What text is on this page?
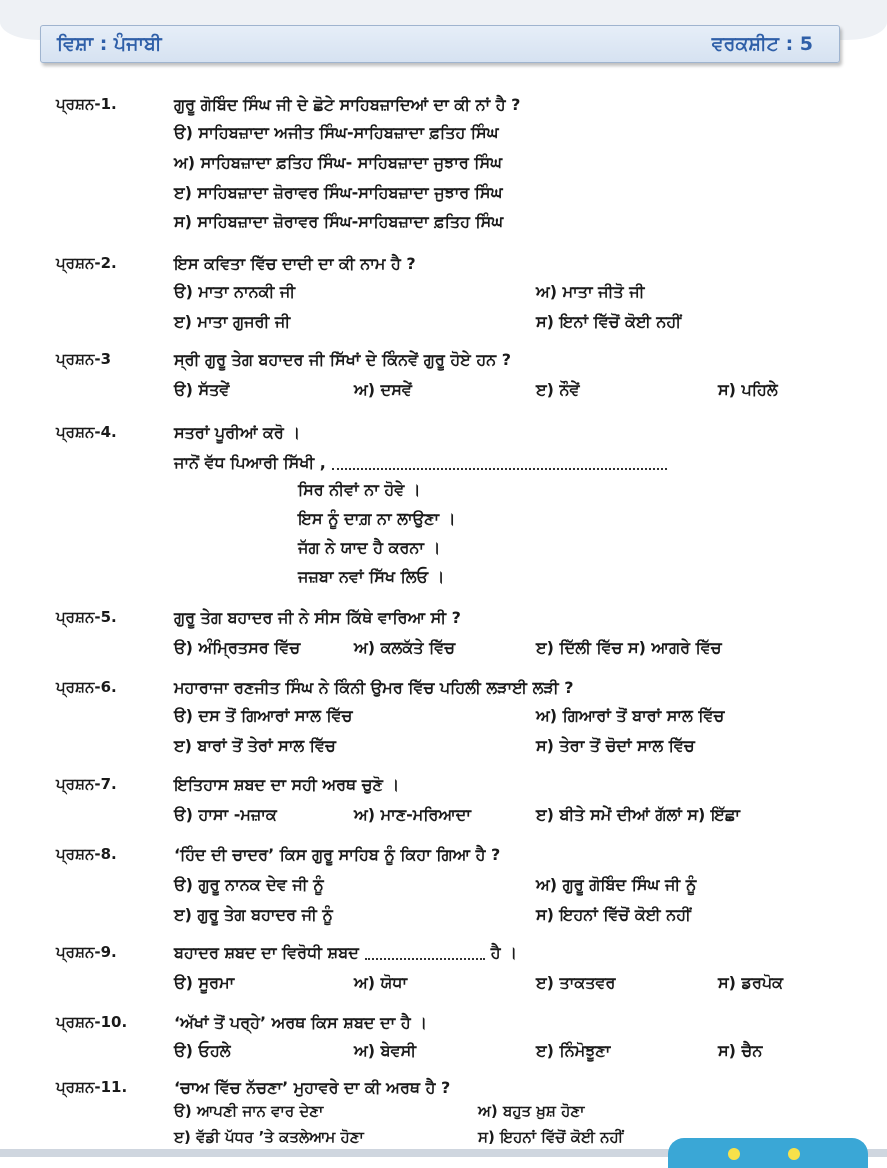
ਵਿਸ਼ਾ : ਪੰਜਾਬੀ	ਵਰਕਸ਼ੀਟ : 5
ਪ੍ਰਸ਼ਨ-1.	ਗੁਰੂ ਗੋਬਿੰਦ ਸਿੰਘ ਜੀ ਦੇ ਛੋਟੇ ਸਾਹਿਬਜ਼ਾਦਿਆਂ ਦਾ ਕੀ ਨਾਂ ਹੈ ?
ੳ) ਸਾਹਿਬਜ਼ਾਦਾ ਅਜੀਤ ਸਿੰਘ-ਸਾਹਿਬਜ਼ਾਦਾ ਫ਼ਤਿਹ ਸਿੰਘ
ਅ) ਸਾਹਿਬਜ਼ਾਦਾ ਫ਼ਤਿਹ ਸਿੰਘ- ਸਾਹਿਬਜ਼ਾਦਾ ਜੁਝਾਰ ਸਿੰਘ
ੲ) ਸਾਹਿਬਜ਼ਾਦਾ ਜ਼ੋਰਾਵਰ ਸਿੰਘ-ਸਾਹਿਬਜ਼ਾਦਾ ਜੁਝਾਰ ਸਿੰਘ
ਸ) ਸਾਹਿਬਜ਼ਾਦਾ ਜ਼ੋਰਾਵਰ ਸਿੰਘ-ਸਾਹਿਬਜ਼ਾਦਾ ਫ਼ਤਿਹ ਸਿੰਘ
ਪ੍ਰਸ਼ਨ-2.	ਇਸ ਕਵਿਤਾ ਵਿੱਚ ਦਾਦੀ ਦਾ ਕੀ ਨਾਮ ਹੈ ?
ੳ) ਮਾਤਾ ਨਾਨਕੀ ਜੀ	ਅ) ਮਾਤਾ ਜੀਤੋ ਜੀ
ੲ) ਮਾਤਾ ਗੁਜਰੀ ਜੀ	ਸ) ਇਨਾਂ ਵਿੱਚੋਂ ਕੋਈ ਨਹੀਂ
ਪ੍ਰਸ਼ਨ-3	ਸ੍ਰੀ ਗੁਰੂ ਤੇਗ ਬਹਾਦਰ ਜੀ ਸਿੱਖਾਂ ਦੇ ਕਿੰਨਵੇਂ ਗੁਰੂ ਹੋਏ ਹਨ ?
ੳ) ਸੱਤਵੇਂ	ਅ) ਦਸਵੇਂ	ੲ) ਨੌਵੇਂ	ਸ) ਪਹਿਲੇ
ਪ੍ਰਸ਼ਨ-4.	ਸਤਰਾਂ ਪੂਰੀਆਂ ਕਰੋ ।
ਜਾਨੋਂ ਵੱਧ ਪਿਆਰੀ ਸਿੱਖੀ ,
ਸਿਰ ਨੀਵਾਂ ਨਾ ਹੋਵੇ ।
ਇਸ ਨੂੰ ਦਾਗ਼ ਨਾ ਲਾਉਣਾ ।
ਜੱਗ ਨੇ ਯਾਦ ਹੈ ਕਰਨਾ ।
ਜਜ਼ਬਾ ਨਵਾਂ ਸਿੱਖ ਲਿਓ ।
ਪ੍ਰਸ਼ਨ-5.	ਗੁਰੂ ਤੇਗ ਬਹਾਦਰ ਜੀ ਨੇ ਸੀਸ ਕਿੱਥੇ ਵਾਰਿਆ ਸੀ ?
ੳ) ਅੰਮ੍ਰਿਤਸਰ ਵਿੱਚ	ਅ) ਕਲਕੱਤੇ ਵਿੱਚ	ੲ) ਦਿੱਲੀ ਵਿੱਚ ਸ) ਆਗਰੇ ਵਿੱਚ
ਪ੍ਰਸ਼ਨ-6.	ਮਹਾਰਾਜਾ ਰਣਜੀਤ ਸਿੰਘ ਨੇ ਕਿੰਨੀ ਉਮਰ ਵਿੱਚ ਪਹਿਲੀ ਲੜਾਈ ਲੜੀ ?
ੳ) ਦਸ ਤੋਂ ਗਿਆਰਾਂ ਸਾਲ ਵਿੱਚ	ਅ) ਗਿਆਰਾਂ ਤੋਂ ਬਾਰਾਂ ਸਾਲ ਵਿੱਚ
ੲ) ਬਾਰਾਂ ਤੋਂ ਤੇਰਾਂ ਸਾਲ ਵਿੱਚ	ਸ) ਤੇਰਾ ਤੋਂ ਚੋਦਾਂ ਸਾਲ ਵਿੱਚ
ਪ੍ਰਸ਼ਨ-7.	ਇਤਿਹਾਸ ਸ਼ਬਦ ਦਾ ਸਹੀ ਅਰਥ ਚੁਣੋ ।
ੳ) ਹਾਸਾ -ਮਜ਼ਾਕ	ਅ) ਮਾਣ-ਮਰਿਆਦਾ	ੲ) ਬੀਤੇ ਸਮੇਂ ਦੀਆਂ ਗੱਲਾਂ ਸ) ਇੱਛਾ
ਪ੍ਰਸ਼ਨ-8.	‘ਹਿੰਦ ਦੀ ਚਾਦਰ’ ਕਿਸ ਗੁਰੂ ਸਾਹਿਬ ਨੂੰ ਕਿਹਾ ਗਿਆ ਹੈ ?
ੳ) ਗੁਰੂ ਨਾਨਕ ਦੇਵ ਜੀ ਨੂੰ	ਅ) ਗੁਰੂ ਗੋਬਿੰਦ ਸਿੰਘ ਜੀ ਨੂੰ
ੲ) ਗੁਰੂ ਤੇਗ ਬਹਾਦਰ ਜੀ ਨੂੰ	ਸ) ਇਹਨਾਂ ਵਿੱਚੋਂ ਕੋਈ ਨਹੀਂ
ਪ੍ਰਸ਼ਨ-9.	ਬਹਾਦਰ ਸ਼ਬਦ ਦਾ ਵਿਰੋਧੀ ਸ਼ਬਦ	ਹੈ ।
ੳ) ਸੂਰਮਾ	ਅ) ਯੋਧਾ	ੲ) ਤਾਕਤਵਰ	ਸ) ਡਰਪੋਕ
ਪ੍ਰਸ਼ਨ-10.	‘ਅੱਖਾਂ ਤੋਂ ਪਰ੍ਹੇ’ ਅਰਥ ਕਿਸ ਸ਼ਬਦ ਦਾ ਹੈ ।
ੳ) ਓਹਲੇ	ਅ) ਬੇਵਸੀ	ੲ) ਨਿੰਮੋਝੂਣਾ	ਸ) ਚੈਨ
ਪ੍ਰਸ਼ਨ-11.	‘ਚਾਅ ਵਿੱਚ ਨੱਚਣਾ’ ਮੁਹਾਵਰੇ ਦਾ ਕੀ ਅਰਥ ਹੈ ?
ੳ) ਆਪਣੀ ਜਾਨ ਵਾਰ ਦੇਣਾ	ਅ) ਬਹੁਤ ਖ਼ੁਸ਼ ਹੋਣਾ
ੲ) ਵੱਡੀ ਪੱਧਰ ’ਤੇ ਕਤਲੇਆਮ ਹੋਣਾ	ਸ) ਇਹਨਾਂ ਵਿੱਚੋਂ ਕੋਈ ਨਹੀਂ
